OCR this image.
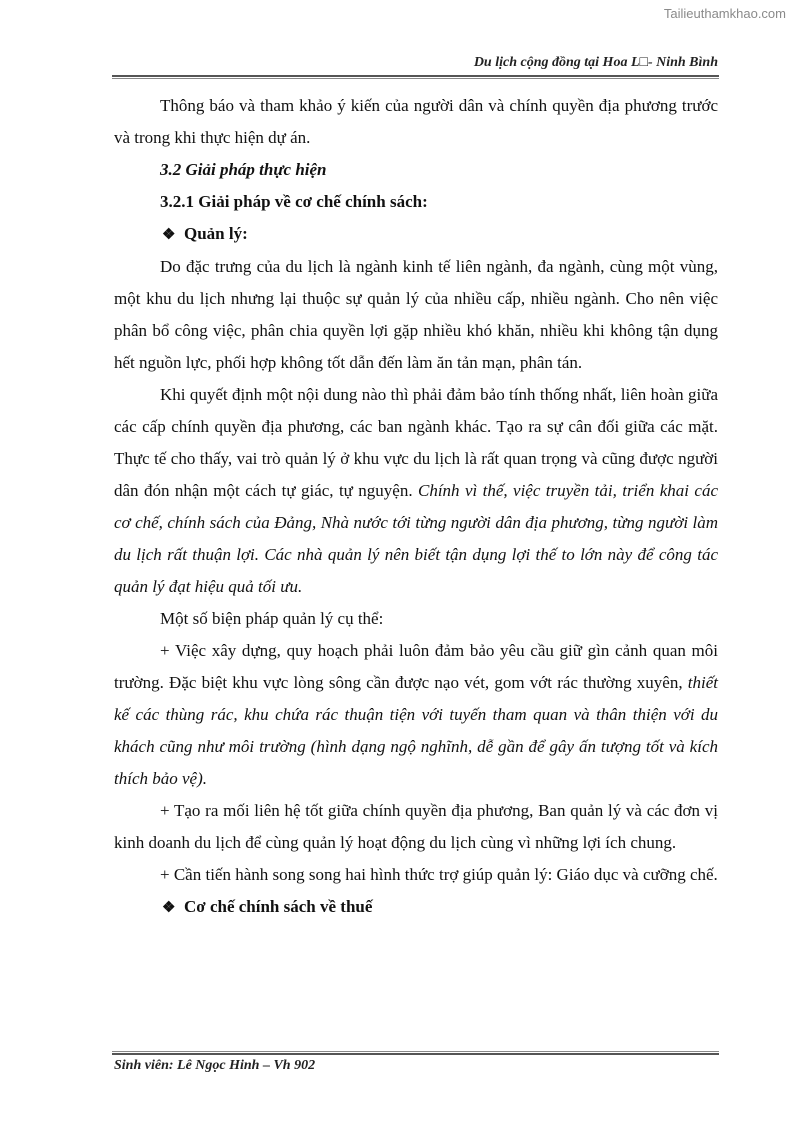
Tailieuthamkhao.com
Du lịch cộng đồng tại Hoa L□- Ninh Bình

Thông báo và tham khảo ý kiến của người dân và chính quyền địa phương trước và trong khi thực hiện dự án.

3.2 Giải pháp thực hiện

3.2.1 Giải pháp về cơ chế chính sách:

❖ Quản lý:

Do đặc trưng của du lịch là ngành kinh tế liên ngành, đa ngành, cùng một vùng, một khu du lịch nhưng lại thuộc sự quản lý của nhiều cấp, nhiều ngành. Cho nên việc phân bổ công việc, phân chia quyền lợi gặp nhiều khó khăn, nhiều khi không tận dụng hết nguồn lực, phối hợp không tốt dẫn đến làm ăn tản mạn, phân tán.

Khi quyết định một nội dung nào thì phải đảm bảo tính thống nhất, liên hoàn giữa các cấp chính quyền địa phương, các ban ngành khác. Tạo ra sự cân đối giữa các mặt. Thực tế cho thấy, vai trò quản lý ở khu vực du lịch là rất quan trọng và cũng được người dân đón nhận một cách tự giác, tự nguyện. Chính vì thế, việc truyền tải, triển khai các cơ chế, chính sách của Đảng, Nhà nước tới từng người dân địa phương, từng người làm du lịch rất thuận lợi. Các nhà quản lý nên biết tận dụng lợi thế to lớn này để công tác quản lý đạt hiệu quả tối ưu.

Một số biện pháp quản lý cụ thể:

+ Việc xây dựng, quy hoạch phải luôn đảm bảo yêu cầu giữ gìn cảnh quan môi trường. Đặc biệt khu vực lòng sông cần được nạo vét, gom vớt rác thường xuyên, thiết kế các thùng rác, khu chứa rác thuận tiện với tuyến tham quan và thân thiện với du khách cũng như môi trường (hình dạng ngộ nghĩnh, dễ gần để gây ấn tượng tốt và kích thích bảo vệ).

+ Tạo ra mối liên hệ tốt giữa chính quyền địa phương, Ban quản lý và các đơn vị kinh doanh du lịch để cùng quản lý hoạt động du lịch cùng vì những lợi ích chung.

+ Cần tiến hành song song hai hình thức trợ giúp quản lý: Giáo dục và cưỡng chế.

❖ Cơ chế chính sách về thuế

Sinh viên: Lê Ngọc Hinh – Vh 902
